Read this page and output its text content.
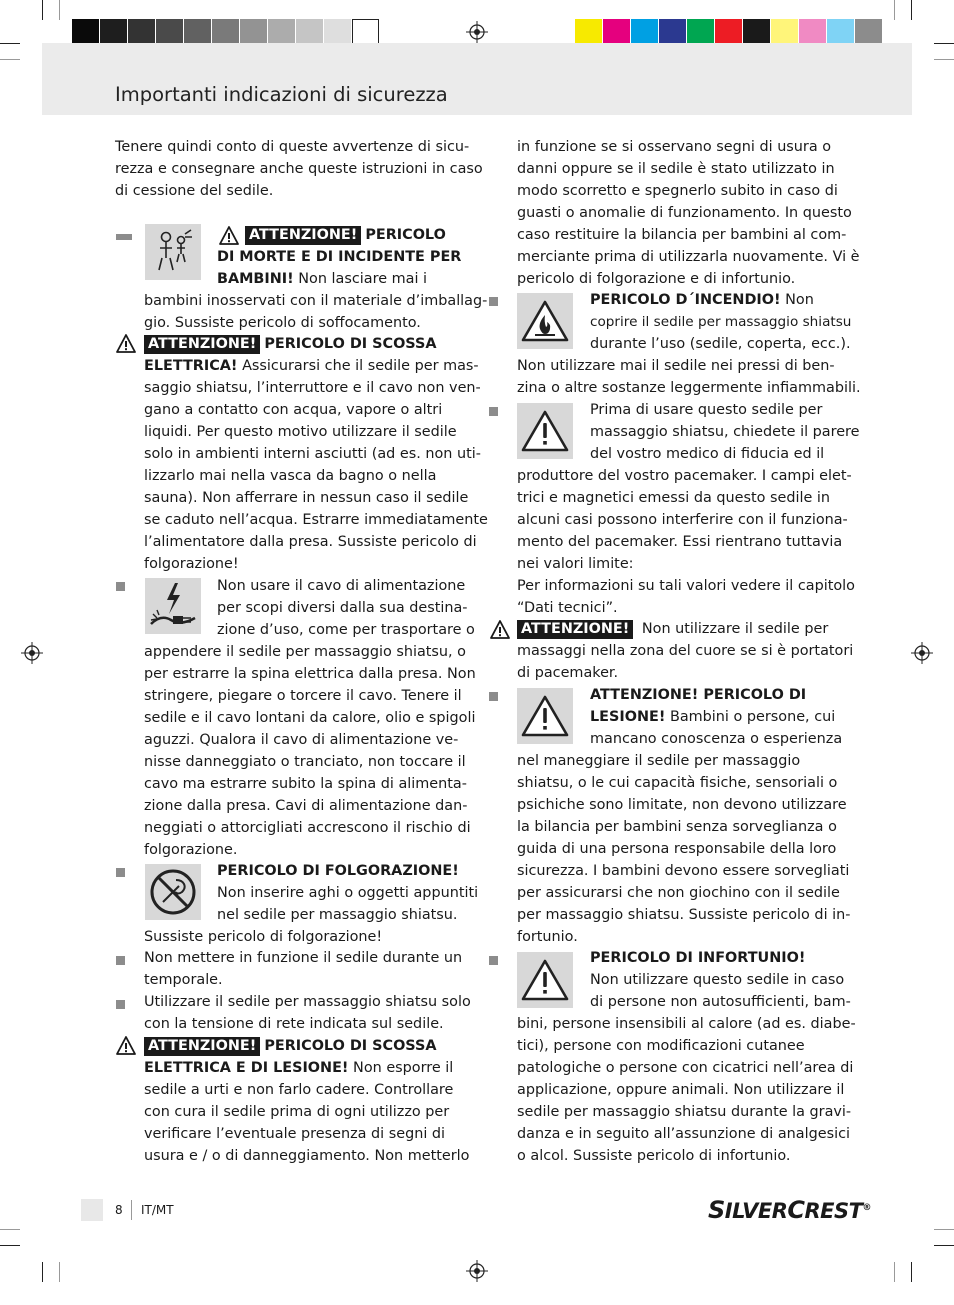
Importanti indicazioni di sicurezza
Tenere quindi conto di queste avvertenze di sicu-
rezza e consegnare anche queste istruzioni in caso
di cessione del sedile.
ATTENZIONE! PERICOLO
DI MORTE E DI INCIDENTE PER
BAMBINI! Non lasciare mai i
bambini inosservati con il materiale d’imballag-
gio. Sussiste pericolo di soffocamento.
ATTENZIONE! PERICOLO DI SCOSSA
ELETTRICA! Assicurarsi che il sedile per mas-
saggio shiatsu, l’interruttore e il cavo non ven-
gano a contatto con acqua, vapore o altri
liquidi. Per questo motivo utilizzare il sedile
solo in ambienti interni asciutti (ad es. non uti-
lizzarlo mai nella vasca da bagno o nella
sauna). Non afferrare in nessun caso il sedile
se caduto nell’acqua. Estrarre immediatamente
l’alimentatore dalla presa. Sussiste pericolo di
folgorazione!
Non usare il cavo di alimentazione
per scopi diversi dalla sua destina-
zione d’uso, come per trasportare o
appendere il sedile per massaggio shiatsu, o
per estrarre la spina elettrica dalla presa. Non
stringere, piegare o torcere il cavo. Tenere il
sedile e il cavo lontani da calore, olio e spigoli
aguzzi. Qualora il cavo di alimentazione ve-
nisse danneggiato o tranciato, non toccare il
cavo ma estrarre subito la spina di alimenta-
zione dalla presa. Cavi di alimentazione dan-
neggiati o attorcigliati accrescono il rischio di
folgorazione.
PERICOLO DI FOLGORAZIONE!
Non inserire aghi o oggetti appuntiti
nel sedile per massaggio shiatsu.
Sussiste pericolo di folgorazione!
Non mettere in funzione il sedile durante un
temporale.
Utilizzare il sedile per massaggio shiatsu solo
con la tensione di rete indicata sul sedile.
ATTENZIONE! PERICOLO DI SCOSSA
ELETTRICA E DI LESIONE! Non esporre il
sedile a urti e non farlo cadere. Controllare
con cura il sedile prima di ogni utilizzo per
verificare l’eventuale presenza di segni di
usura e / o di danneggiamento. Non metterlo
in funzione se si osservano segni di usura o
danni oppure se il sedile è stato utilizzato in
modo scorretto e spegnerlo subito in caso di
guasti o anomalie di funzionamento. In questo
caso restituire la bilancia per bambini al com-
merciante prima di utilizzarla nuovamente. Vi è
pericolo di folgorazione e di infortunio.
PERICOLO D´INCENDIO! Non
coprire il sedile per massaggio shiatsu
durante l’uso (sedile, coperta, ecc.).
Non utilizzare mai il sedile nei pressi di ben-
zina o altre sostanze leggermente infiammabili.
Prima di usare questo sedile per
massaggio shiatsu, chiedete il parere
del vostro medico di fiducia ed il
produttore del vostro pacemaker. I campi elet-
trici e magnetici emessi da questo sedile in
alcuni casi possono interferire con il funziona-
mento del pacemaker. Essi rientrano tuttavia
nei valori limite:
Per informazioni su tali valori vedere il capitolo
“Dati tecnici”.
ATTENZIONE! Non utilizzare il sedile per
massaggi nella zona del cuore se si è portatori
di pacemaker.
ATTENZIONE! PERICOLO DI
LESIONE! Bambini o persone, cui
mancano conoscenza o esperienza
nel maneggiare il sedile per massaggio
shiatsu, o le cui capacità fisiche, sensoriali o
psichiche sono limitate, non devono utilizzare
la bilancia per bambini senza sorveglianza o
guida di una persona responsabile della loro
sicurezza. I bambini devono essere sorvegliati
per assicurarsi che non giochino con il sedile
per massaggio shiatsu. Sussiste pericolo di in-
fortunio.
PERICOLO DI INFORTUNIO!
Non utilizzare questo sedile in caso
di persone non autosufficienti, bam-
bini, persone insensibili al calore (ad es. diabe-
tici), persone con modificazioni cutanee
patologiche o persone con cicatrici nell’area di
applicazione, oppure animali. Non utilizzare il
sedile per massaggio shiatsu durante la gravi-
danza e in seguito all’assunzione di analgesici
o alcol. Sussiste pericolo di infortunio.
8 IT/MT	SILVERCREST®
